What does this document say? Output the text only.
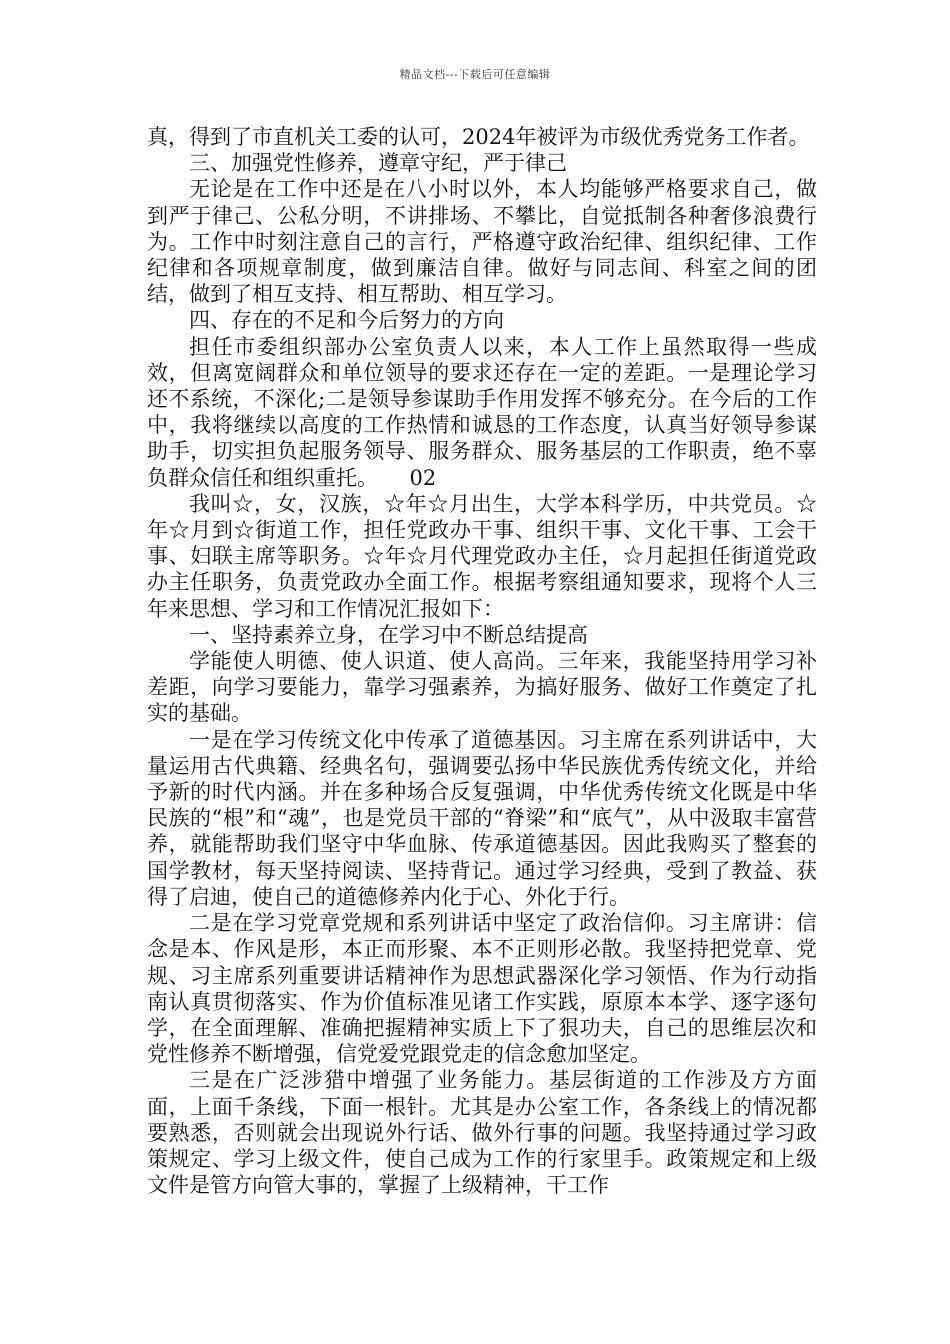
精品文档---下载后可任意编辑

真，得到了市直机关工委的认可，2024年被评为市级优秀党务工作者。

三、加强党性修养，遵章守纪，严于律己

无论是在工作中还是在八小时以外，本人均能够严格要求自己，做到严于律己、公私分明，不讲排场、不攀比，自觉抵制各种奢侈浪费行为。工作中时刻注意自己的言行，严格遵守政治纪律、组织纪律、工作纪律和各项规章制度，做到廉洁自律。做好与同志间、科室之间的团结，做到了相互支持、相互帮助、相互学习。

四、存在的不足和今后努力的方向

担任市委组织部办公室负责人以来，本人工作上虽然取得一些成效，但离宽阔群众和单位领导的要求还存在一定的差距。一是理论学习还不系统，不深化;二是领导参谋助手作用发挥不够充分。在今后的工作中，我将继续以高度的工作热情和诚恳的工作态度，认真当好领导参谋助手，切实担负起服务领导、服务群众、服务基层的工作职责，绝不辜负群众信任和组织重托。　　02

我叫☆，女，汉族，☆年☆月出生，大学本科学历，中共党员。☆年☆月到☆街道工作，担任党政办干事、组织干事、文化干事、工会干事、妇联主席等职务。☆年☆月代理党政办主任，☆月起担任街道党政办主任职务，负责党政办全面工作。根据考察组通知要求，现将个人三年来思想、学习和工作情况汇报如下：

一、坚持素养立身，在学习中不断总结提高

学能使人明德、使人识道、使人高尚。三年来，我能坚持用学习补差距，向学习要能力，靠学习强素养，为搞好服务、做好工作奠定了扎实的基础。

一是在学习传统文化中传承了道德基因。习主席在系列讲话中，大量运用古代典籍、经典名句，强调要弘扬中华民族优秀传统文化，并给予新的时代内涵。并在多种场合反复强调，中华优秀传统文化既是中华民族的“根”和“魂”，也是党员干部的“脊梁”和“底气”，从中汲取丰富营养，就能帮助我们坚守中华血脉、传承道德基因。因此我购买了整套的国学教材，每天坚持阅读、坚持背记。通过学习经典，受到了教益、获得了启迪，使自己的道德修养内化于心、外化于行。

二是在学习党章党规和系列讲话中坚定了政治信仰。习主席讲：信念是本、作风是形，本正而形聚、本不正则形必散。我坚持把党章、党规、习主席系列重要讲话精神作为思想武器深化学习领悟、作为行动指南认真贯彻落实、作为价值标准见诸工作实践，原原本本学、逐字逐句学，在全面理解、准确把握精神实质上下了狠功夫，自己的思维层次和党性修养不断增强，信党爱党跟党走的信念愈加坚定。

三是在广泛涉猎中增强了业务能力。基层街道的工作涉及方方面面，上面千条线，下面一根针。尤其是办公室工作，各条线上的情况都要熟悉，否则就会出现说外行话、做外行事的问题。我坚持通过学习政策规定、学习上级文件，使自己成为工作的行家里手。政策规定和上级文件是管方向管大事的，掌握了上级精神，干工作
